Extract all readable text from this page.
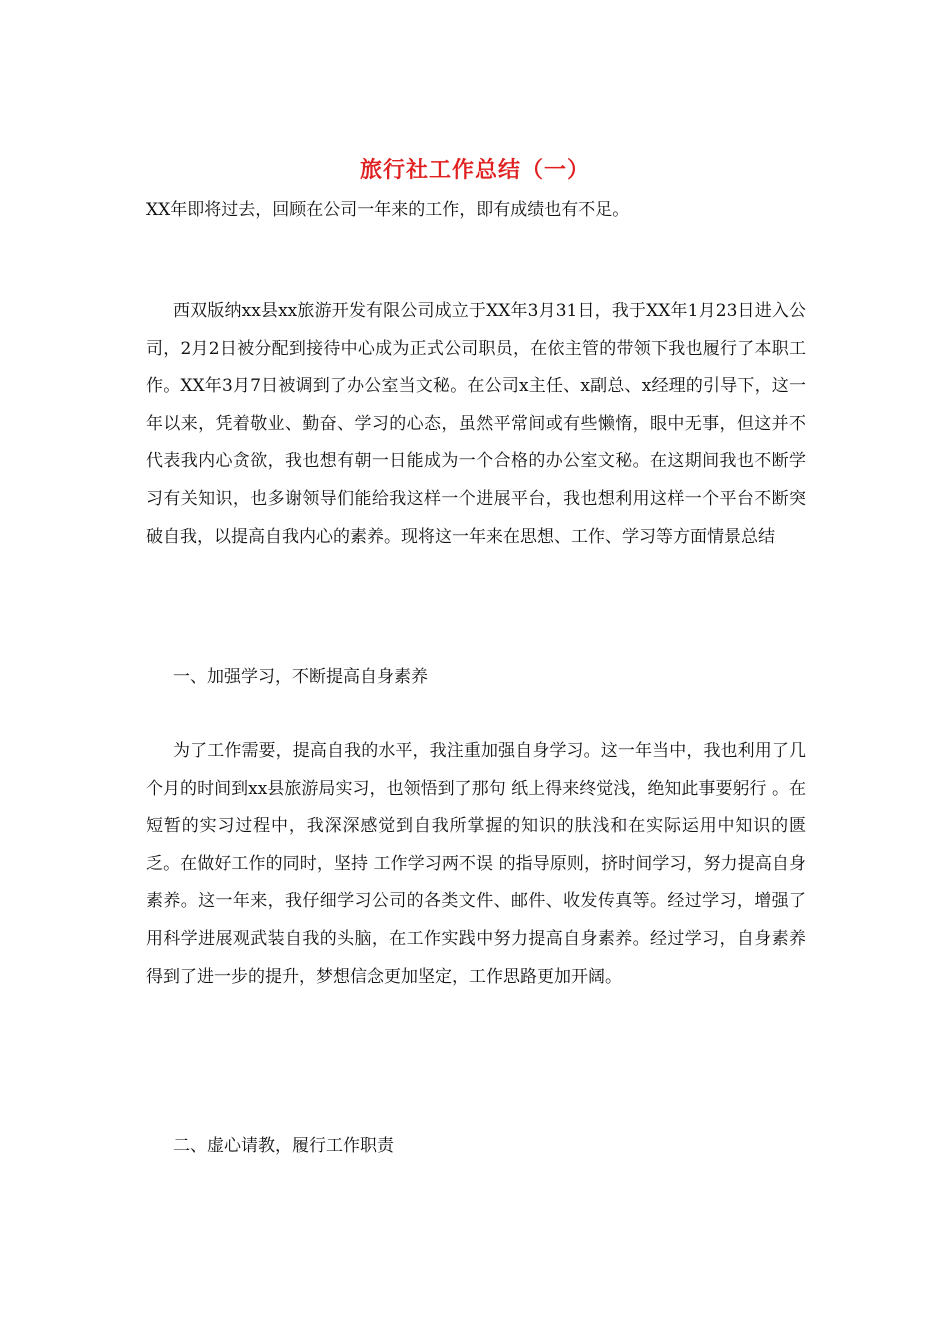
旅行社工作总结（一）
XX年即将过去，回顾在公司一年来的工作，即有成绩也有不足。
西双版纳xx县xx旅游开发有限公司成立于XX年3月31日，我于XX年1月23日进入公司，2月2日被分配到接待中心成为正式公司职员，在依主管的带领下我也履行了本职工作。XX年3月7日被调到了办公室当文秘。在公司x主任、x副总、x经理的引导下，这一年以来，凭着敬业、勤奋、学习的心态，虽然平常间或有些懒惰，眼中无事，但这并不代表我内心贪欲，我也想有朝一日能成为一个合格的办公室文秘。在这期间我也不断学习有关知识，也多谢领导们能给我这样一个进展平台，我也想利用这样一个平台不断突破自我，以提高自我内心的素养。现将这一年来在思想、工作、学习等方面情景总结
一、加强学习，不断提高自身素养
为了工作需要，提高自我的水平，我注重加强自身学习。这一年当中，我也利用了几个月的时间到xx县旅游局实习，也领悟到了那句 纸上得来终觉浅，绝知此事要躬行 。在短暂的实习过程中，我深深感觉到自我所掌握的知识的肤浅和在实际运用中知识的匮乏。在做好工作的同时，坚持 工作学习两不误 的指导原则，挤时间学习，努力提高自身素养。这一年来，我仔细学习公司的各类文件、邮件、收发传真等。经过学习，增强了用科学进展观武装自我的头脑，在工作实践中努力提高自身素养。经过学习，自身素养得到了进一步的提升，梦想信念更加坚定，工作思路更加开阔。
二、虚心请教，履行工作职责
